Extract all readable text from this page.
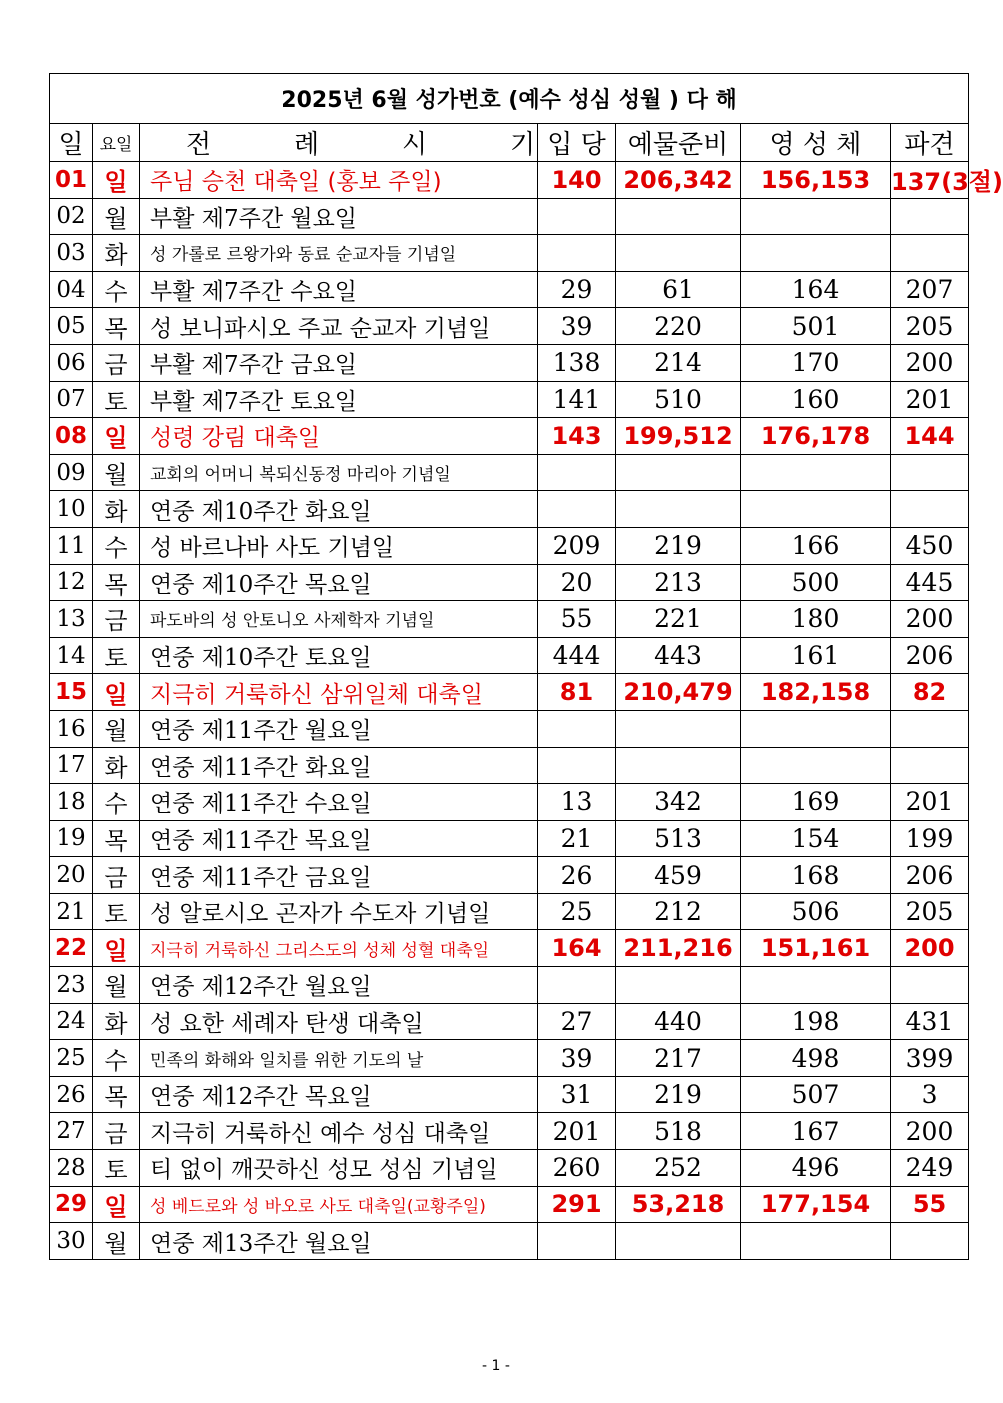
2025년 6월 성가번호 (예수 성심 성월 ) 다 해						
일	요일	전 례 시 기	입 당	예물준비	영 성 체	파견
01	일	주님 승천 대축일 (홍보 주일)	140	206,342	156,153	137(3절)
02	월	부활 제7주간 월요일				
03	화	성 가롤로 르왕가와 동료 순교자들 기념일				
04	수	부활 제7주간 수요일	29	61	164	207
05	목	성 보니파시오 주교 순교자 기념일	39	220	501	205
06	금	부활 제7주간 금요일	138	214	170	200
07	토	부활 제7주간 토요일	141	510	160	201
08	일	성령 강림 대축일	143	199,512	176,178	144
09	월	교회의 어머니 복되신동정 마리아 기념일				
10	화	연중 제10주간 화요일				
11	수	성 바르나바 사도 기념일	209	219	166	450
12	목	연중 제10주간 목요일	20	213	500	445
13	금	파도바의 성 안토니오 사제학자 기념일	55	221	180	200
14	토	연중 제10주간 토요일	444	443	161	206
15	일	지극히 거룩하신 삼위일체 대축일	81	210,479	182,158	82
16	월	연중 제11주간 월요일				
17	화	연중 제11주간 화요일				
18	수	연중 제11주간 수요일	13	342	169	201
19	목	연중 제11주간 목요일	21	513	154	199
20	금	연중 제11주간 금요일	26	459	168	206
21	토	성 알로시오 곤자가 수도자 기념일	25	212	506	205
22	일	지극히 거룩하신 그리스도의 성체 성혈 대축일	164	211,216	151,161	200
23	월	연중 제12주간 월요일				
24	화	성 요한 세례자 탄생 대축일	27	440	198	431
25	수	민족의 화해와 일치를 위한 기도의 날	39	217	498	399
26	목	연중 제12주간 목요일	31	219	507	3
27	금	지극히 거룩하신 예수 성심 대축일	201	518	167	200
28	토	티 없이 깨끗하신 성모 성심 기념일	260	252	496	249
29	일	성 베드로와 성 바오로 사도 대축일(교황주일)	291	53,218	177,154	55
30	월	연중 제13주간 월요일				
- 1 -
